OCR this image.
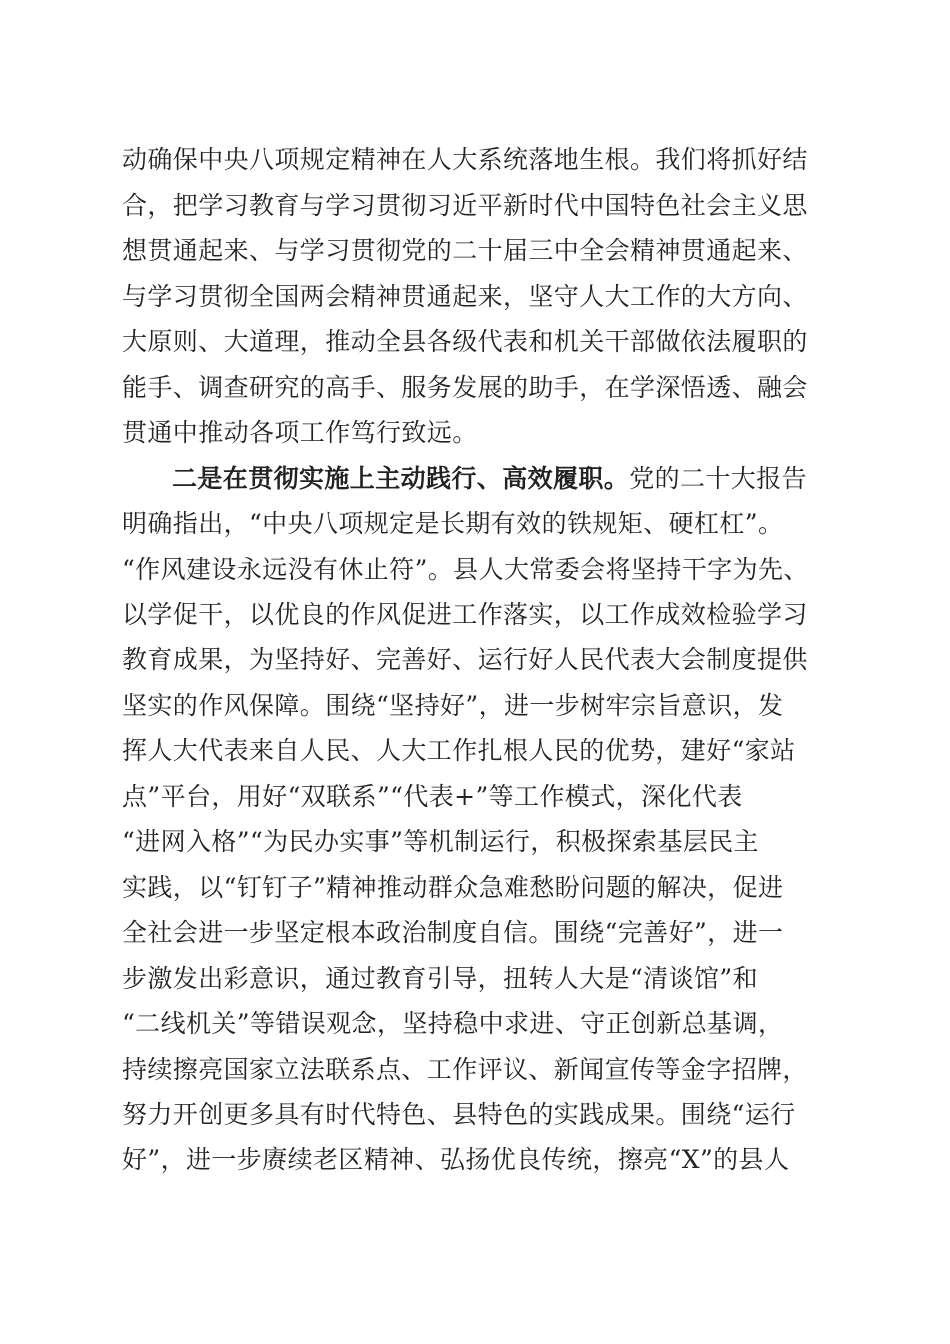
动确保中央八项规定精神在人大系统落地生根。我们将抓好结
合，把学习教育与学习贯彻习近平新时代中国特色社会主义思
想贯通起来、与学习贯彻党的二十届三中全会精神贯通起来、
与学习贯彻全国两会精神贯通起来，坚守人大工作的大方向、
大原则、大道理，推动全县各级代表和机关干部做依法履职的
能手、调查研究的高手、服务发展的助手，在学深悟透、融会
贯通中推动各项工作笃行致远。
二是在贯彻实施上主动践行、高效履职。党的二十大报告
明确指出，“中央八项规定是长期有效的铁规矩、硬杠杠”。
“作风建设永远没有休止符”。县人大常委会将坚持干字为先、
以学促干，以优良的作风促进工作落实，以工作成效检验学习
教育成果，为坚持好、完善好、运行好人民代表大会制度提供
坚实的作风保障。围绕“坚持好”，进一步树牢宗旨意识，发
挥人大代表来自人民、人大工作扎根人民的优势，建好“家站
点”平台，用好“双联系”“代表+”等工作模式，深化代表
“进网入格”“为民办实事”等机制运行，积极探索基层民主
实践，以“钉钉子”精神推动群众急难愁盼问题的解决，促进
全社会进一步坚定根本政治制度自信。围绕“完善好”，进一
步激发出彩意识，通过教育引导，扭转人大是“清谈馆”和
“二线机关”等错误观念，坚持稳中求进、守正创新总基调，
持续擦亮国家立法联系点、工作评议、新闻宣传等金字招牌，
努力开创更多具有时代特色、县特色的实践成果。围绕“运行
好”，进一步赓续老区精神、弘扬优良传统，擦亮“X”的县人
